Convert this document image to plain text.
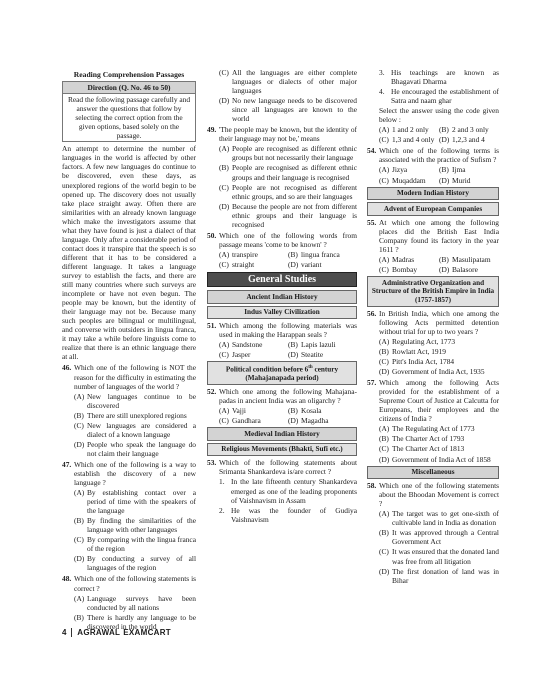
Reading Comprehension Passages
Direction (Q. No. 46 to 50)
Read the following passage carefully and answer the questions that follow by selecting the correct option from the given options, based solely on the passage.
An attempt to determine the number of languages in the world is affected by other factors. A few new languages do continue to be discovered, even these days, as unexplored regions of the world begin to be opened up. The discovery does not usually take place straight away. Often there are similarities with an already known language which make the investigators assume that what they have found is just a dialect of that language. Only after a considerable period of contact does it transpire that the speech is so different that it has to be considered a different language. It takes a language survey to establish the facts, and there are still many countries where such surveys are incomplete or have not even begun. The people may be known, but the identity of their language may not be. Because many such peoples are bilingual or multilingual, and converse with outsiders in lingua franca, it may take a while before linguists come to realize that there is an ethnic language there at all.
46. Which one of the following is NOT the reason for the difficulty in estimating the number of languages of the world ?
(A) New languages continue to be discovered
(B) There are still unexplored regions
(C) New languages are considered a dialect of a known language
(D) People who speak the language do not claim their language
47. Which one of the following is a way to establish the discovery of a new language ?
(A) By establishing contact over a period of time with the speakers of the language
(B) By finding the similarities of the language with other languages
(C) By comparing with the lingua franca of the region
(D) By conducting a survey of all languages of the region
48. Which one of the following statements is correct ?
(A) Language surveys have been conducted by all nations
(B) There is hardly any language to be discovered in the world
(C) All the languages are either complete languages or dialects of other major languages
(D) No new language needs to be discovered since all languages are known to the world
49. 'The people may be known, but the identity of their language may not be,' means
(A) People are recognised as different ethnic groups but not necessarily their language
(B) People are recognised as different ethnic groups and their language is recognised
(C) People are not recognised as different ethnic groups, and so are their languages
(D) Because the people are not from different ethnic groups and their language is recognised
50. Which one of the following words from passage means 'come to be known' ?
(A) transpire	(B) lingua franca
(C) straight	(D) variant
General Studies
Ancient Indian History
Indus Valley Civilization
51. Which among the following materials was used in making the Harappan seals ?
(A) Sandstone	(B) Lapis lazuli
(C) Jasper	(D) Steatite
Political condition before 6th century (Mahajanapada period)
52. Which one among the following Mahajana-padas in ancient India was an oligarchy ?
(A) Vajji	(B) Kosala
(C) Gandhara	(D) Magadha
Medieval Indian History
Religious Movements (Bhakti, Sufi etc.)
53. Which of the following statements about Srimanta Shankardeva is/are correct ?
1. In the late fifteenth century Shankardeva emerged as one of the leading proponents of Vaishnavism in Assam
2. He was the founder of Gudiya Vaishnavism
3. His teachings are known as Bhagavati Dharma
4. He encouraged the establishment of Satra and naam ghar
Select the answer using the code given below :
(A) 1 and 2 only (B) 2 and 3 only
(C) 1,3 and 4 only (D) 1,2,3 and 4
54. Which one of the following terms is associated with the practice of Sufism ?
(A) Jizya	(B) Ijma
(C) Muqaddam (D) Murid
Modern Indian History
Advent of European Companies
55. At which one among the following places did the British East India Company found its factory in the year 1611 ?
(A) Madras	(B) Masulipatam
(C) Bombay	(D) Balasore
Administrative Organization and Structure of the British Empire in India (1757-1857)
56. In British India, which one among the following Acts permitted detention without trial for up to two years ?
(A) Regulating Act, 1773
(B) Rowlatt Act, 1919
(C) Pitt's India Act, 1784
(D) Government of India Act, 1935
57. Which among the following Acts provided for the establishment of a Supreme Court of Justice at Calcutta for Europeans, their employees and the citizens of India ?
(A) The Regulating Act of 1773
(B) The Charter Act of 1793
(C) The Charter Act of 1813
(D) Government of India Act of 1858
Miscellaneous
58. Which one of the following statements about the Bhoodan Movement is correct ?
(A) The target was to get one-sixth of cultivable land in India as donation
(B) It was approved through a Central Government Act
(C) It was ensured that the donated land was free from all litigation
(D) The first donation of land was in Bihar
4 AGRAWAL EXAMCART
